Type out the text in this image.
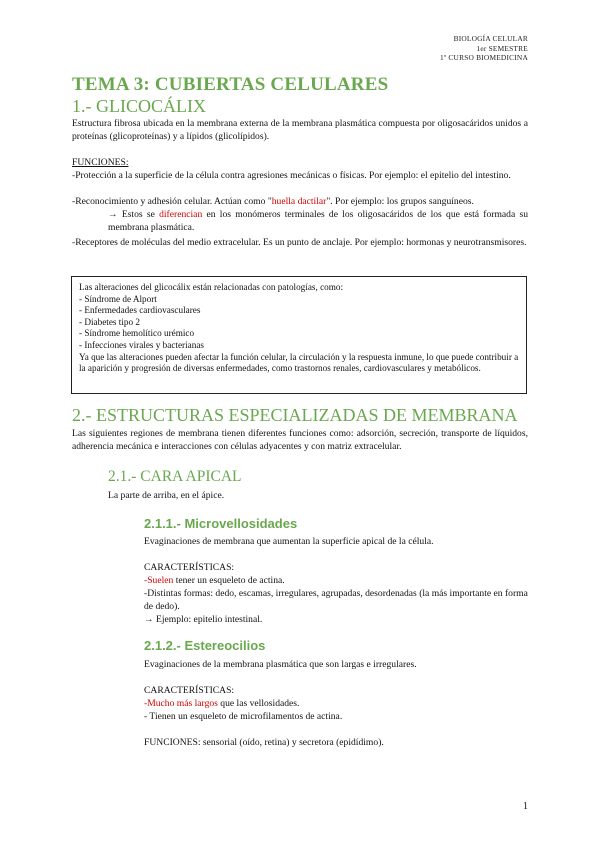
BIOLOGÍA CELULAR
1er SEMESTRE
1º CURSO BIOMEDICINA
TEMA 3: CUBIERTAS CELULARES
1.- GLICOCÁLIX

Estructura fibrosa ubicada en la membrana externa de la membrana plasmática compuesta por oligosacáridos unidos a proteínas (glicoproteínas) y a lípidos (glicolípidos).

FUNCIONES:

-Protección a la superficie de la célula contra agresiones mecánicas o físicas. Por ejemplo: el epitelio del intestino.

-Reconocimiento y adhesión celular. Actúan como "huella dactilar". Por ejemplo: los grupos sanguíneos.

→ Estos se diferencian en los monómeros terminales de los oligosacáridos de los que está formada su membrana plasmática.

-Receptores de moléculas del medio extracelular. Es un punto de anclaje. Por ejemplo: hormonas y neurotransmisores.

Las alteraciones del glicocálix están relacionadas con patologías, como:
- Síndrome de Alport
- Enfermedades cardiovasculares
- Diabetes tipo 2
- Síndrome hemolítico urémico
- Infecciones virales y bacterianas
Ya que las alteraciones pueden afectar la función celular, la circulación y la respuesta inmune, lo que puede contribuir a la aparición y progresión de diversas enfermedades, como trastornos renales, cardiovasculares y metabólicos.
2.- ESTRUCTURAS ESPECIALIZADAS DE MEMBRANA

Las siguientes regiones de membrana tienen diferentes funciones como: adsorción, secreción, transporte de líquidos, adherencia mecánica e interacciones con células adyacentes y con matriz extracelular.

2.1.- CARA APICAL

La parte de arriba, en el ápice.

2.1.1.- Microvellosidades

Evaginaciones de membrana que aumentan la superficie apical de la célula.

CARACTERÍSTICAS:

-Suelen tener un esqueleto de actina.

-Distintas formas: dedo, escamas, irregulares, agrupadas, desordenadas (la más importante en forma de dedo).

→ Ejemplo: epitelio intestinal.

2.1.2.- Estereocilios

Evaginaciones de la membrana plasmática que son largas e irregulares.

CARACTERÍSTICAS:

-Mucho más largos que las vellosidades.

- Tienen un esqueleto de microfilamentos de actina.

FUNCIONES: sensorial (oído, retina) y secretora (epidídimo).

1
